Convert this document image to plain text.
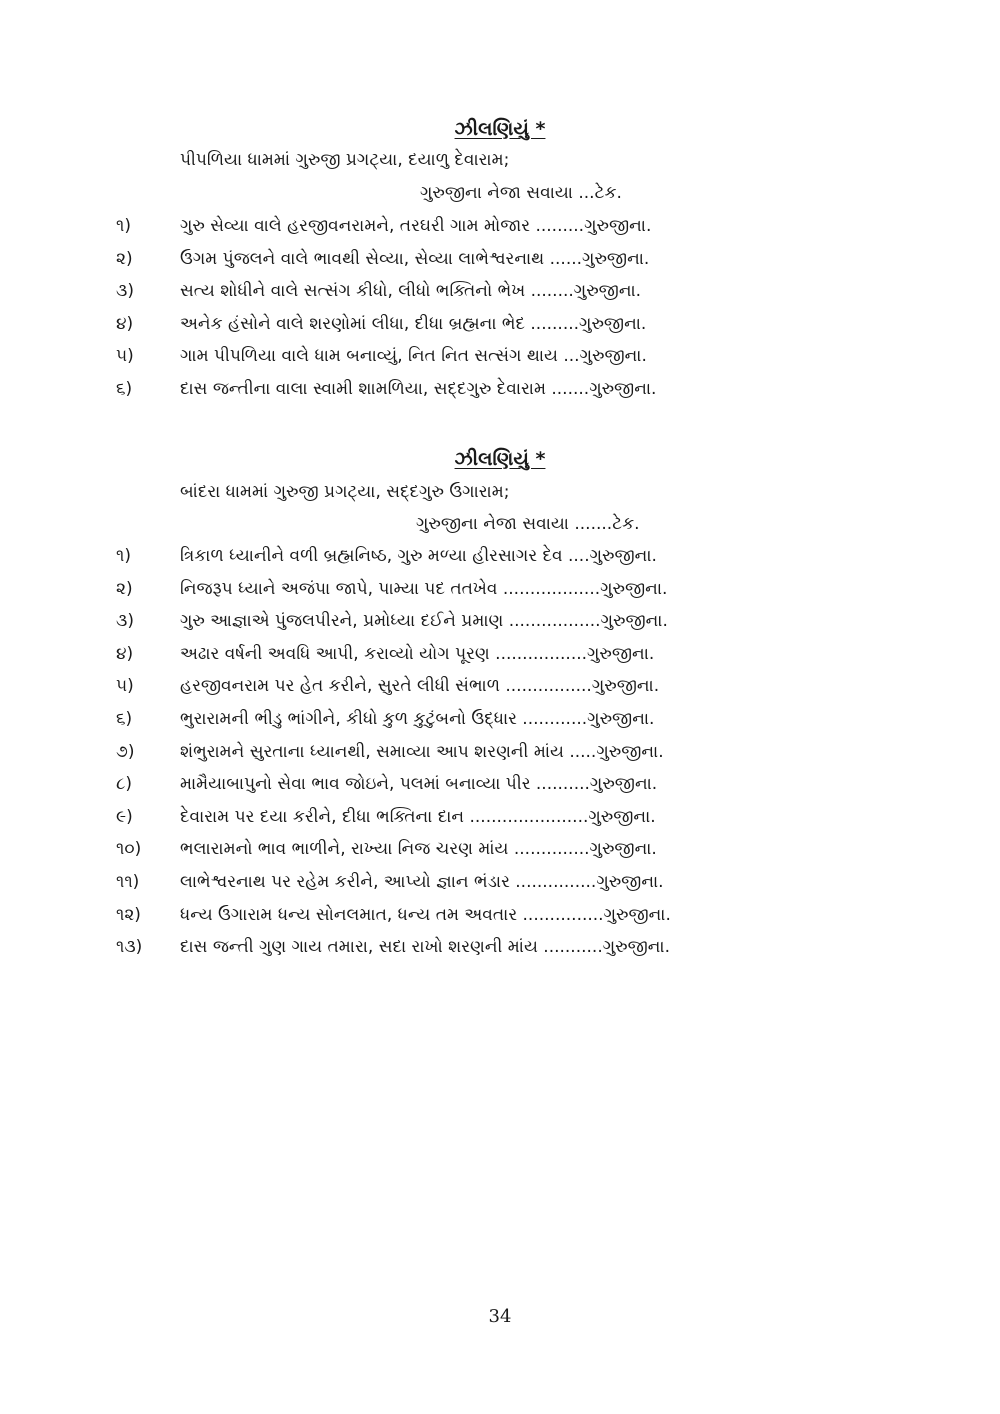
ઝીલણિયું *
પીપળિયા ધામમાં ગુરુજી પ્રગટ્યા, દયાળુ દેવારામ;
ગુરુજીના નેજા સવાયા ...ટેક.
૧)	ગુરુ સેવ્યા વાલે હરજીવનરામને, તરઘરી ગામ મોજાર .........ગુરુજીના.
૨)	ઉગમ પુંજલને વાલે ભાવથી સેવ્યા, સેવ્યા લાભેશ્વરનાથ ......ગુરુજીના.
૩)	સત્ય શોધીને વાલે સત્સંગ કીધો, લીધો ભક્તિનો ભેખ ........ગુરુજીના.
૪)	અનેક હંસોને વાલે શરણોમાં લીધા, દીધા બ્રહ્મના ભેદ .........ગુરુજીના.
૫)	ગામ પીપળિયા વાલે ધામ બનાવ્યું, નિત નિત સત્સંગ થાય ...ગુરુજીના.
૬)	દાસ જન્તીના વાલા સ્વામી શામળિયા, સદ્દગુરુ દેવારામ .......ગુરુજીના.
ઝીલણિયું *
બાંદરા ધામમાં ગુરુજી પ્રગટ્યા, સદ્દગુરુ ઉગારામ;
ગુરુજીના નેજા સવાયા .......ટેક.
૧)	ત્રિકાળ ધ્યાનીને વળી બ્રહ્મનિષ્ઠ, ગુરુ મળ્યા હીરસાગર દેવ ....ગુરુજીના.
૨)	નિજરૂપ ધ્યાને અજંપા જાપે, પામ્યા પદ તતખેવ ..................ગુરુજીના.
૩)	ગુરુ આજ્ઞાએ પુંજલપીરને, પ્રમોધ્યા દઈને પ્રમાણ .................ગુરુજીના.
૪)	અઢાર વર્ષની અવધિ આપી, કરાવ્યો યોગ પૂરણ .................ગુરુજીના.
૫)	હરજીવનરામ પર હેત કરીને, સુરતે લીધી સંભાળ ................ગુરુજીના.
૬)	ભુરારામની ભીડુ ભાંગીને, કીધો કુળ કુટુંબનો ઉદ્ધાર ............ગુરુજીના.
૭)	શંભુરામને સુરતાના ધ્યાનથી, સમાવ્યા આપ શરણની માંય .....ગુરુજીના.
૮)	મામૈયાબાપુનો સેવા ભાવ જોઇને, પલમાં બનાવ્યા પીર ..........ગુરુજીના.
૯)	દેવારામ પર દયા કરીને, દીધા ભક્તિના દાન ......................ગુરુજીના.
૧૦)	ભલારામનો ભાવ ભાળીને, રાખ્યા નિજ ચરણ માંય ..............ગુરુજીના.
૧૧)	લાભેશ્વરનાથ પર રહેમ કરીને, આપ્યો જ્ઞાન ભંડાર ...............ગુરુજીના.
૧૨)	ધન્ય ઉગારામ ધન્ય સોનલમાત, ધન્ય તમ અવતાર ...............ગુરુજીના.
૧૩)	દાસ જન્તી ગુણ ગાય તમારા, સદા રાખો શરણની માંય ...........ગુરુજીના.
34
